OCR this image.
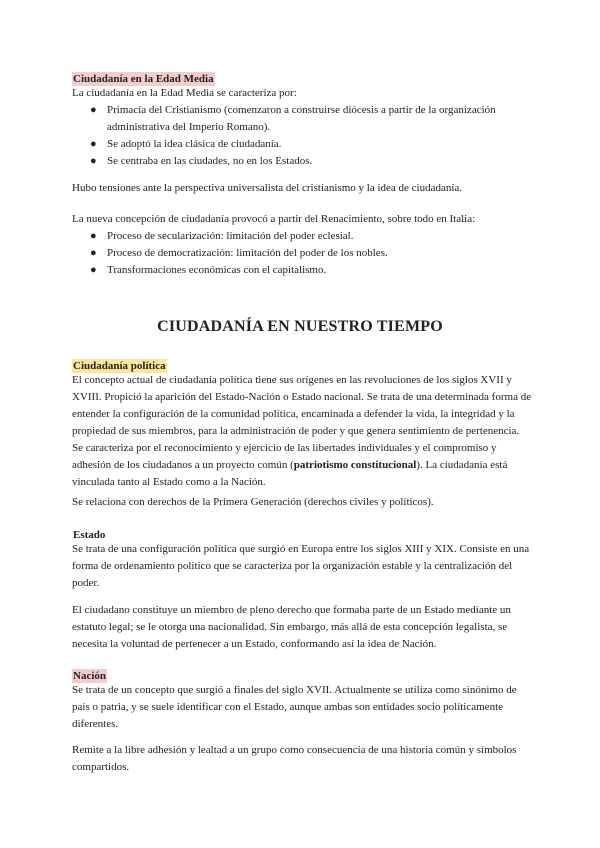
Ciudadanía en la Edad Media
La ciudadanía en la Edad Media se caracteriza por:
● Primacía del Cristianismo (comenzaron a construirse diócesis a partir de la organización administrativa del Imperio Romano).
● Se adoptó la idea clásica de ciudadanía.
● Se centraba en las ciudades, no en los Estados.
Hubo tensiones ante la perspectiva universalista del cristianismo y la idea de ciudadanía.
La nueva concepción de ciudadanía provocó a partir del Renacimiento, sobre todo en Italia:
● Proceso de secularización: limitación del poder eclesial.
● Proceso de democratización: limitación del poder de los nobles.
● Transformaciones económicas con el capitalismo.
CIUDADANÍA EN NUESTRO TIEMPO
Ciudadanía política
El concepto actual de ciudadanía política tiene sus orígenes en las revoluciones de los siglos XVII y XVIII. Propició la aparición del Estado-Nación o Estado nacional. Se trata de una determinada forma de entender la configuración de la comunidad política, encaminada a defender la vida, la integridad y la propiedad de sus miembros, para la administración de poder y que genera sentimiento de pertenencia. Se caracteriza por el reconocimiento y ejercicio de las libertades individuales y el compromiso y adhesión de los ciudadanos a un proyecto común (patriotismo constitucional). La ciudadanía está vinculada tanto al Estado como a la Nación.
Se relaciona con derechos de la Primera Generación (derechos civiles y políticos).
Estado
Se trata de una configuración política que surgió en Europa entre los siglos XIII y XIX. Consiste en una forma de ordenamiento político que se caracteriza por la organización estable y la centralización del poder.
El ciudadano constituye un miembro de pleno derecho que formaba parte de un Estado mediante un estatuto legal; se le otorga una nacionalidad. Sin embargo, más allá de esta concepción legalista, se necesita la voluntad de pertenecer a un Estado, conformando así la idea de Nación.
Nación
Se trata de un concepto que surgió a finales del siglo XVII. Actualmente se utiliza como sinónimo de país o patria, y se suele identificar con el Estado, aunque ambas son entidades socio políticamente diferentes.
Remite a la libre adhesión y lealtad a un grupo como consecuencia de una historia común y símbolos compartidos.
